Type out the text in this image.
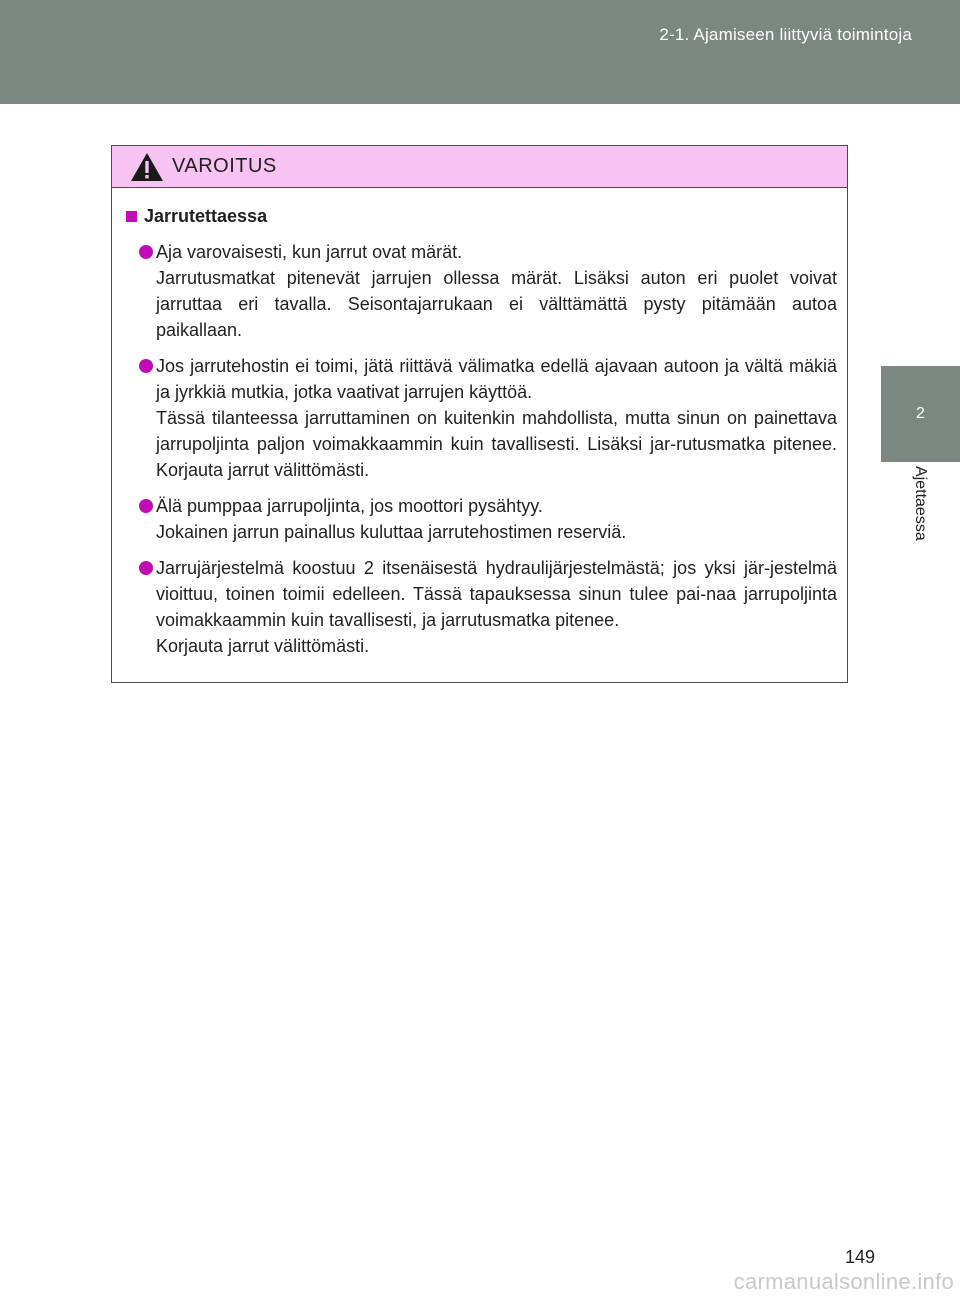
2-1. Ajamiseen liittyviä toimintoja
2
Ajettaessa
VAROITUS
Jarrutettaessa

Aja varovaisesti, kun jarrut ovat märät.

Jarrutusmatkat pitenevät jarrujen ollessa märät. Lisäksi auton eri puolet voivat jarruttaa eri tavalla. Seisontajarrukaan ei välttämättä pysty pitämään autoa paikallaan.

Jos jarrutehostin ei toimi, jätä riittävä välimatka edellä ajavaan autoon ja vältä mäkiä ja jyrkkiä mutkia, jotka vaativat jarrujen käyttöä.

Tässä tilanteessa jarruttaminen on kuitenkin mahdollista, mutta sinun on painettava jarrupoljinta paljon voimakkaammin kuin tavallisesti. Lisäksi jar-rutusmatka pitenee. Korjauta jarrut välittömästi.

Älä pumppaa jarrupoljinta, jos moottori pysähtyy.

Jokainen jarrun painallus kuluttaa jarrutehostimen reserviä.

Jarrujärjestelmä koostuu 2 itsenäisestä hydraulijärjestelmästä; jos yksi jär-jestelmä vioittuu, toinen toimii edelleen. Tässä tapauksessa sinun tulee pai-naa jarrupoljinta voimakkaammin kuin tavallisesti, ja jarrutusmatka pitenee.

Korjauta jarrut välittömästi.

149
carmanualsonline.info
